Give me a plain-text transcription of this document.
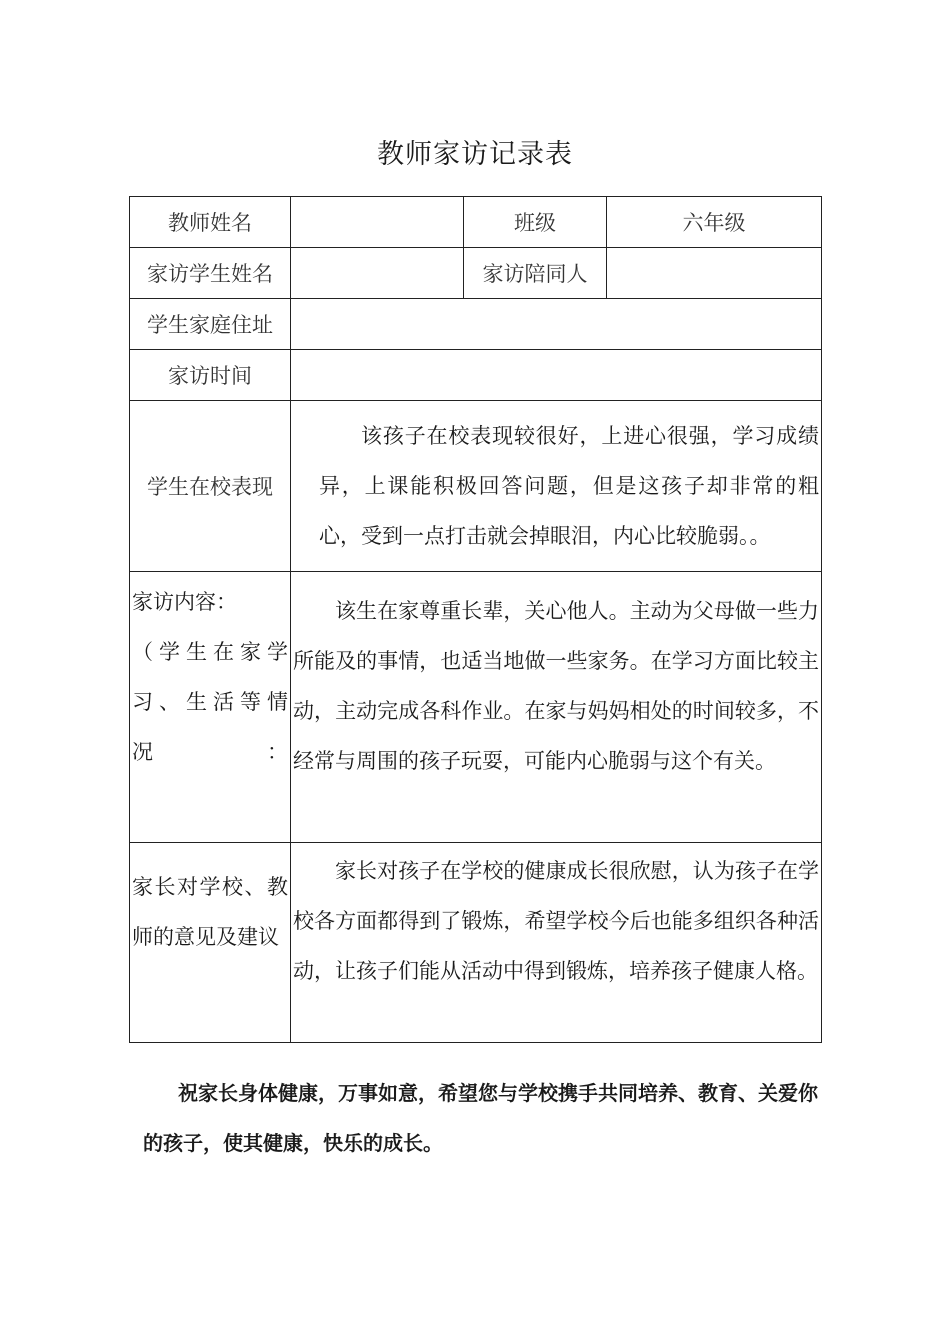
教师家访记录表
教师姓名		班级	六年级
家访学生姓名		家访陪同人	
学生家庭住址			
家访时间			
学生在校表现	该孩子在校表现较很好，上进心很强，学习成绩异，上课能积极回答问题，但是这孩子却非常的粗心，受到一点打击就会掉眼泪，内心比较脆弱。。		

家访内容：
（学生在家学习、生活等情况：	该生在家尊重长辈，关心他人。主动为父母做一些力所能及的事情，也适当地做一些家务。在学习方面比较主动，主动完成各科作业。在家与妈妈相处的时间较多，不经常与周围的孩子玩耍，可能内心脆弱与这个有关。		
家长对学校、教师的意见及建议	家长对孩子在学校的健康成长很欣慰，认为孩子在学校各方面都得到了锻炼，希望学校今后也能多组织各种活动，让孩子们能从活动中得到锻炼，培养孩子健康人格。		
祝家长身体健康，万事如意，希望您与学校携手共同培养、教育、关爱你的孩子，使其健康，快乐的成长。
